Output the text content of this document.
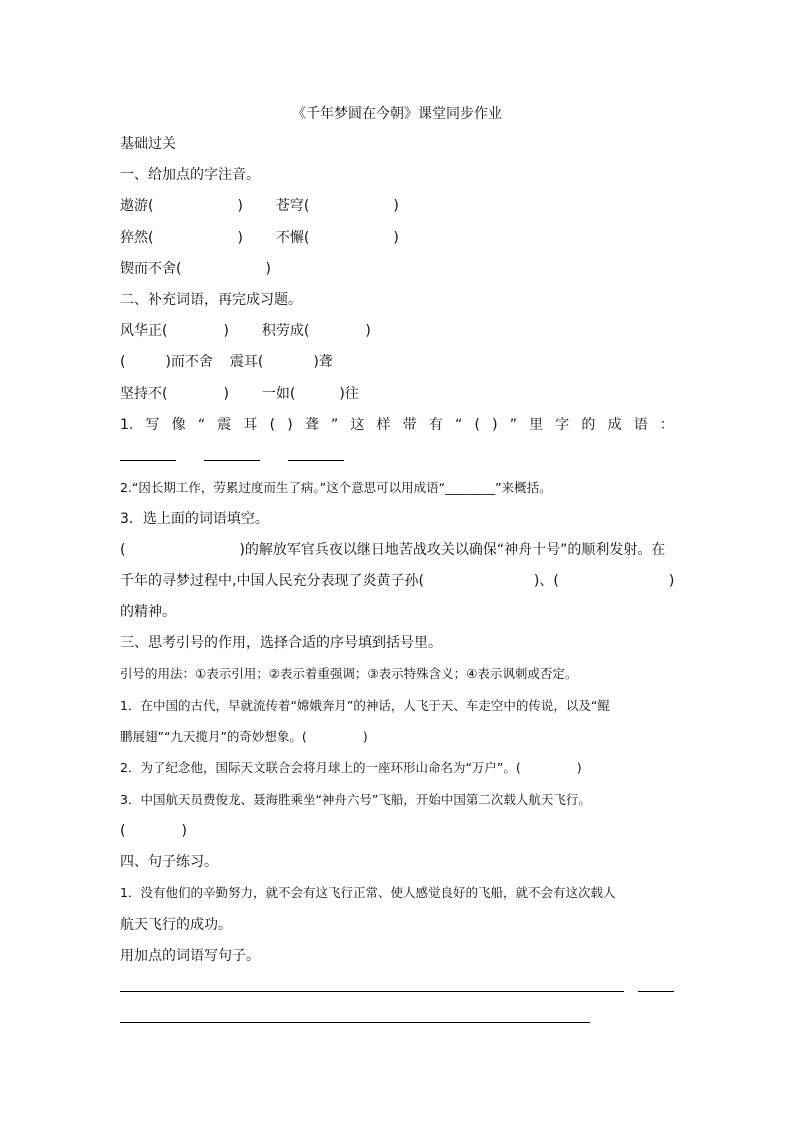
《千年梦圆在今朝》课堂同步作业
基础过关
一、给加点的字注音。
遨游(	) 苍穹(	)
猝然(	) 不懈(	)
锲而不舍(	)
二、补充词语，再完成习题。
风华正(	) 积劳成(	)
(	)而不舍 震耳(	)聋
坚持不(	) 一如(	)往
1. 写 像 “ 震 耳 ( ) 聋 ” 这 样 带 有 “ ( ) ” 里 字 的 成 语 ：
2.“因长期工作，劳累过度而生了病。”这个意思可以用成语“________”来概括。
3．选上面的词语填空。
(	)的解放军官兵夜以继日地苦战攻关以确保“神舟十号”的顺利发射。在
千年的寻梦过程中,中国人民充分表现了炎黄子孙(	)、(	)
的精神。
三、思考引号的作用，选择合适的序号填到括号里。
引号的用法：①表示引用；②表示着重强调；③表示特殊含义；④表示讽刺或否定。
1．在中国的古代，早就流传着“嫦娥奔月”的神话，人飞于天、车走空中的传说，以及“鲲
鹏展翅”“九天揽月”的奇妙想象。(	)
2．为了纪念他，国际天文联合会将月球上的一座环形山命名为“万户”。(	)
3．中国航天员费俊龙、聂海胜乘坐“神舟六号”飞船，开始中国第二次载人航天飞行。
(	)
四、句子练习。
1．没有他们的辛勤努力，就不会有这飞行正常、使人感觉良好的飞船，就不会有这次载人
航天飞行的成功。
用加点的词语写句子。
